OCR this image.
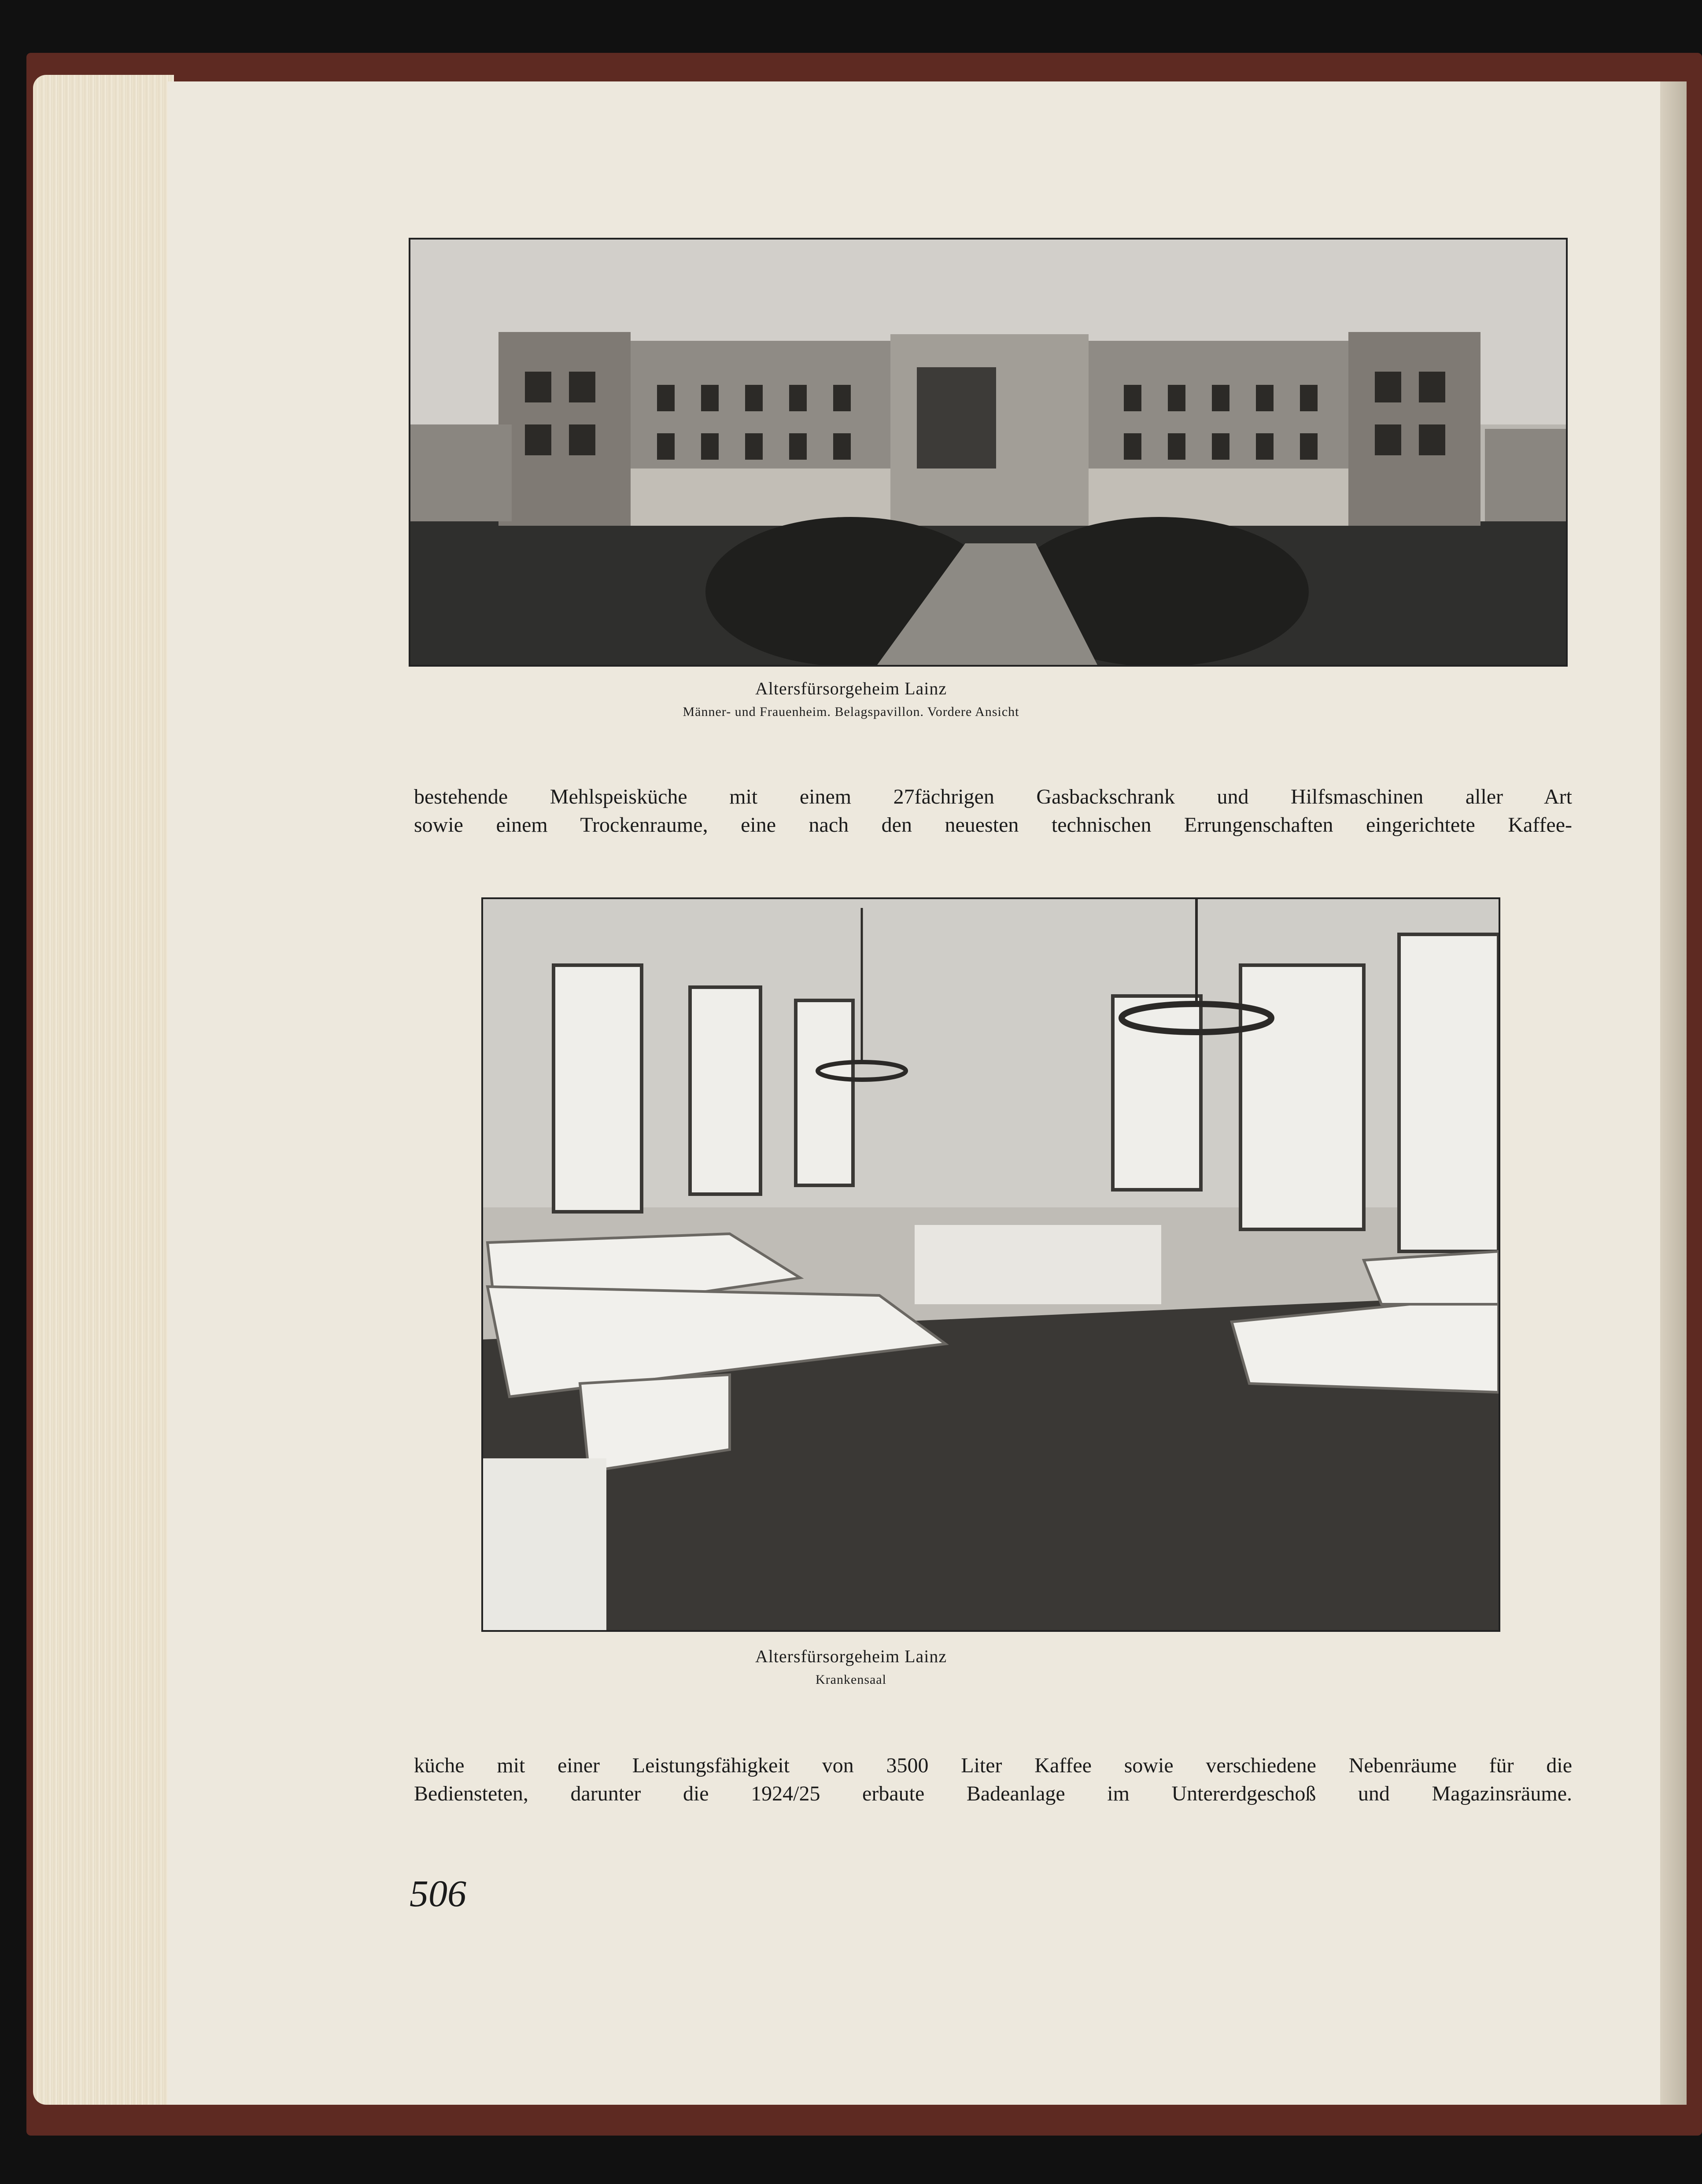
Altersfürsorgeheim Lainz
Männer- und Frauenheim. Belagspavillon. Vordere Ansicht
bestehende Mehlspeisküche mit einem 27fächrigen Gasbackschrank und Hilfsmaschinen aller Art
sowie einem Trockenraume, eine nach den neuesten technischen Errungenschaften eingerichtete Kaffee-
Altersfürsorgeheim Lainz
Krankensaal
küche mit einer Leistungsfähigkeit von 3500 Liter Kaffee sowie verschiedene Nebenräume für die
Bediensteten, darunter die 1924/25 erbaute Badeanlage im Untererdgeschoß und Magazinsräume.
506
